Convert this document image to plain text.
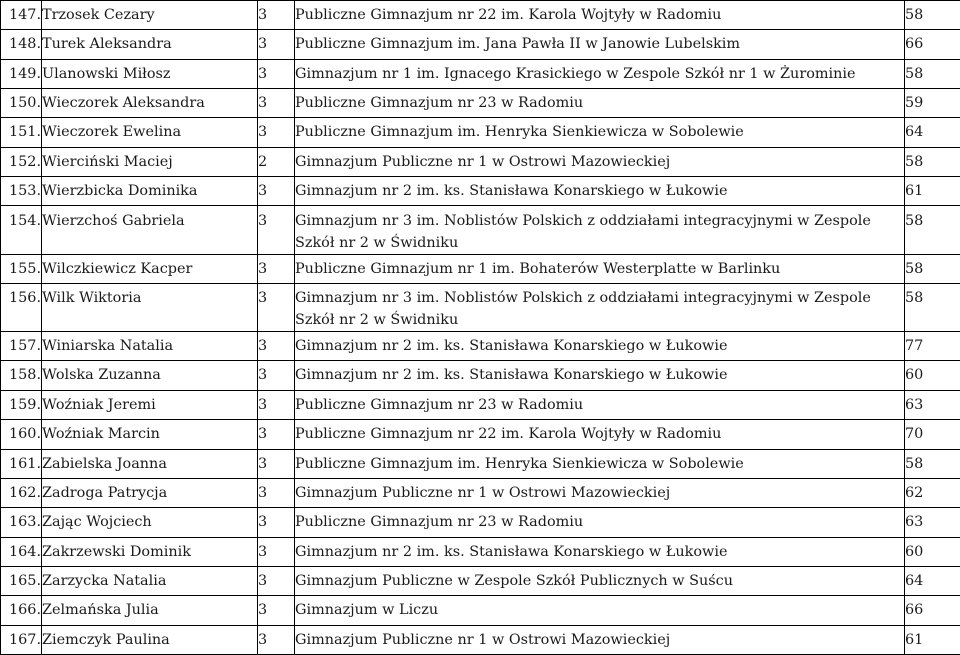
147.	Trzosek Cezary	3	Publiczne Gimnazjum nr 22 im. Karola Wojtyły w Radomiu	58
148.	Turek Aleksandra	3	Publiczne Gimnazjum im. Jana Pawła II w Janowie Lubelskim	66
149.	Ulanowski Miłosz	3	Gimnazjum nr 1 im. Ignacego Krasickiego w Zespole Szkół nr 1 w Żurominie	58
150.	Wieczorek Aleksandra	3	Publiczne Gimnazjum nr 23 w Radomiu	59
151.	Wieczorek Ewelina	3	Publiczne Gimnazjum im. Henryka Sienkiewicza w Sobolewie	64
152.	Wierciński Maciej	2	Gimnazjum Publiczne nr 1 w Ostrowi Mazowieckiej	58
153.	Wierzbicka Dominika	3	Gimnazjum nr 2 im. ks. Stanisława Konarskiego w Łukowie	61
154.	Wierzchoś Gabriela	3	Gimnazjum nr 3 im. Noblistów Polskich z oddziałami integracyjnymi w Zespole Szkół nr 2 w Świdniku	58
155.	Wilczkiewicz Kacper	3	Publiczne Gimnazjum nr 1 im. Bohaterów Westerplatte w Barlinku	58
156.	Wilk Wiktoria	3	Gimnazjum nr 3 im. Noblistów Polskich z oddziałami integracyjnymi w Zespole Szkół nr 2 w Świdniku	58
157.	Winiarska Natalia	3	Gimnazjum nr 2 im. ks. Stanisława Konarskiego w Łukowie	77
158.	Wolska Zuzanna	3	Gimnazjum nr 2 im. ks. Stanisława Konarskiego w Łukowie	60
159.	Woźniak Jeremi	3	Publiczne Gimnazjum nr 23 w Radomiu	63
160.	Woźniak Marcin	3	Publiczne Gimnazjum nr 22 im. Karola Wojtyły w Radomiu	70
161.	Zabielska Joanna	3	Publiczne Gimnazjum im. Henryka Sienkiewicza w Sobolewie	58
162.	Zadroga Patrycja	3	Gimnazjum Publiczne nr 1 w Ostrowi Mazowieckiej	62
163.	Zając Wojciech	3	Publiczne Gimnazjum nr 23 w Radomiu	63
164.	Zakrzewski Dominik	3	Gimnazjum nr 2 im. ks. Stanisława Konarskiego w Łukowie	60
165.	Zarzycka Natalia	3	Gimnazjum Publiczne w Zespole Szkół Publicznych w Suścu	64
166.	Zelmańska Julia	3	Gimnazjum w Liczu	66
167.	Ziemczyk Paulina	3	Gimnazjum Publiczne nr 1 w Ostrowi Mazowieckiej	61
